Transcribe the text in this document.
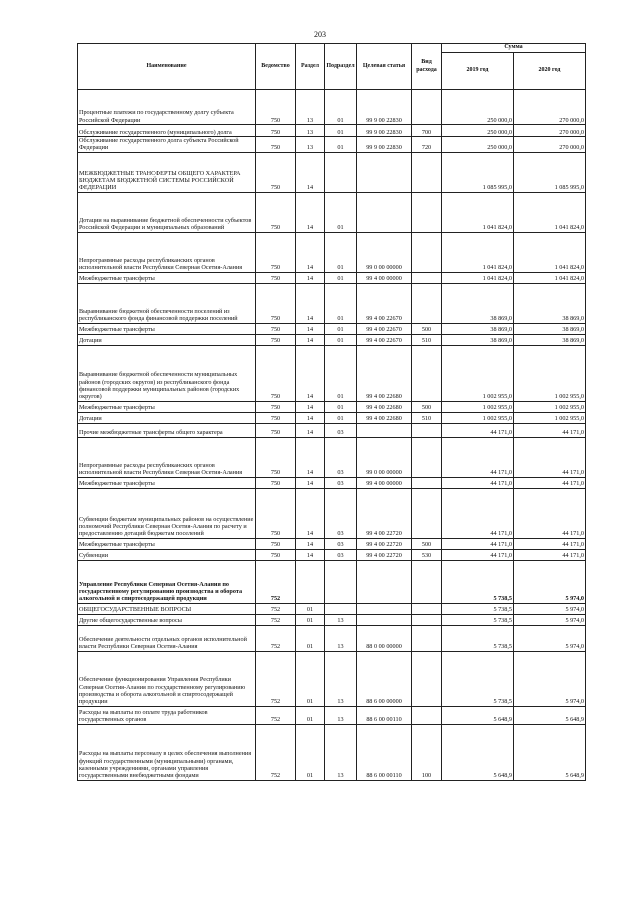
203
Наименование	Ведомство	Раздел	Подраздел	Целевая статья	Вид расхода	Сумма	
						2019 год	2020 год
Процентные платежи по государственному долгу субъекта Российской Федерации	750	13	01	99 9 00 22830		250 000,0	270 000,0
Обслуживание государственного (муниципального) долга	750	13	01	99 9 00 22830	700	250 000,0	270 000,0
Обслуживание государственного долга субъекта Российской Федерации	750	13	01	99 9 00 22830	720	250 000,0	270 000,0
МЕЖБЮДЖЕТНЫЕ ТРАНСФЕРТЫ ОБЩЕГО ХАРАКТЕРА БЮДЖЕТАМ БЮДЖЕТНОЙ СИСТЕМЫ РОССИЙСКОЙ ФЕДЕРАЦИИ	750	14				1 085 995,0	1 085 995,0
Дотации на выравнивание бюджетной обеспеченности субъектов Российской Федерации и муниципальных образований	750	14	01			1 041 824,0	1 041 824,0
Непрограммные расходы республиканских органов исполнительной власти Республики Северная Осетия-Алания	750	14	01	99 0 00 00000		1 041 824,0	1 041 824,0
Межбюджетные трансферты	750	14	01	99 4 00 00000		1 041 824,0	1 041 824,0
Выравнивание бюджетной обеспеченности поселений из республиканского фонда финансовой поддержки поселений	750	14	01	99 4 00 22670		38 869,0	38 869,0
Межбюджетные трансферты	750	14	01	99 4 00 22670	500	38 869,0	38 869,0
Дотации	750	14	01	99 4 00 22670	510	38 869,0	38 869,0
Выравнивание бюджетной обеспеченности муниципальных районов (городских округов) из республиканского фонда финансовой поддержки муниципальных районов (городских округов)	750	14	01	99 4 00 22680		1 002 955,0	1 002 955,0
Межбюджетные трансферты	750	14	01	99 4 00 22680	500	1 002 955,0	1 002 955,0
Дотации	750	14	01	99 4 00 22680	510	1 002 955,0	1 002 955,0
Прочие межбюджетные трансферты общего характера	750	14	03			44 171,0	44 171,0
Непрограммные расходы республиканских органов исполнительной власти Республики Северная Осетия-Алания	750	14	03	99 0 00 00000		44 171,0	44 171,0
Межбюджетные трансферты	750	14	03	99 4 00 00000		44 171,0	44 171,0
Субвенции бюджетам муниципальных районов на осуществление полномочий Республики Северная Осетия-Алания по расчету и предоставлению дотаций бюджетам поселений	750	14	03	99 4 00 22720		44 171,0	44 171,0
Межбюджетные трансферты	750	14	03	99 4 00 22720	500	44 171,0	44 171,0
Субвенции	750	14	03	99 4 00 22720	530	44 171,0	44 171,0
Управление Республики Северная Осетия-Алания по государственному регулированию производства и оборота алкогольной и спиртосодержащей продукции	752					5 738,5	5 974,0
ОБЩЕГОСУДАРСТВЕННЫЕ ВОПРОСЫ	752	01				5 738,5	5 974,0
Другие общегосударственные вопросы	752	01	13			5 738,5	5 974,0
Обеспечение деятельности отдельных органов исполнительной власти Республики Северная Осетия-Алания	752	01	13	88 0 00 00000		5 738,5	5 974,0
Обеспечение функционирования Управления Республики Северная Осетия-Алания по государственному регулированию производства и оборота алкогольной и спиртосодержащей продукции	752	01	13	88 6 00 00000		5 738,5	5 974,0
Расходы на выплаты по оплате труда работников государственных органов	752	01	13	88 6 00 00110		5 648,9	5 648,9
Расходы на выплаты персоналу в целях обеспечения выполнения функций государственными (муниципальными) органами, казенными учреждениями, органами управления государственными внебюджетными фондами	752	01	13	88 6 00 00110	100	5 648,9	5 648,9
